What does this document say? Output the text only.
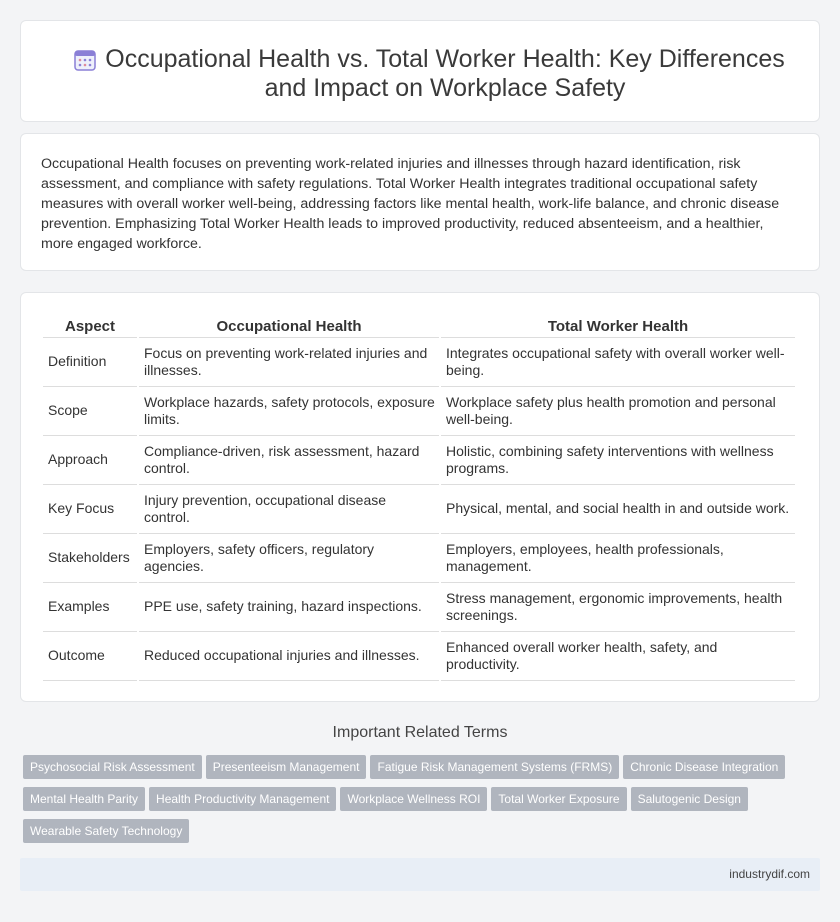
Occupational Health vs. Total Worker Health: Key Differences and Impact on Workplace Safety

Occupational Health focuses on preventing work-related injuries and illnesses through hazard identification, risk assessment, and compliance with safety regulations. Total Worker Health integrates traditional occupational safety measures with overall worker well-being, addressing factors like mental health, work-life balance, and chronic disease prevention. Emphasizing Total Worker Health leads to improved productivity, reduced absenteeism, and a healthier, more engaged workforce.

Aspect	Occupational Health	Total Worker Health
Definition	Focus on preventing work-related injuries and illnesses.	Integrates occupational safety with overall worker well-being.
Scope	Workplace hazards, safety protocols, exposure limits.	Workplace safety plus health promotion and personal well-being.
Approach	Compliance-driven, risk assessment, hazard control.	Holistic, combining safety interventions with wellness programs.
Key Focus	Injury prevention, occupational disease control.	Physical, mental, and social health in and outside work.
Stakeholders	Employers, safety officers, regulatory agencies.	Employers, employees, health professionals, management.
Examples	PPE use, safety training, hazard inspections.	Stress management, ergonomic improvements, health screenings.
Outcome	Reduced occupational injuries and illnesses.	Enhanced overall worker health, safety, and productivity.
Important Related Terms
Psychosocial Risk Assessment Presenteeism Management Fatigue Risk Management Systems (FRMS) Chronic Disease Integration
Mental Health Parity Health Productivity Management Workplace Wellness ROI Total Worker Exposure Salutogenic Design
Wearable Safety Technology
industrydif.com
